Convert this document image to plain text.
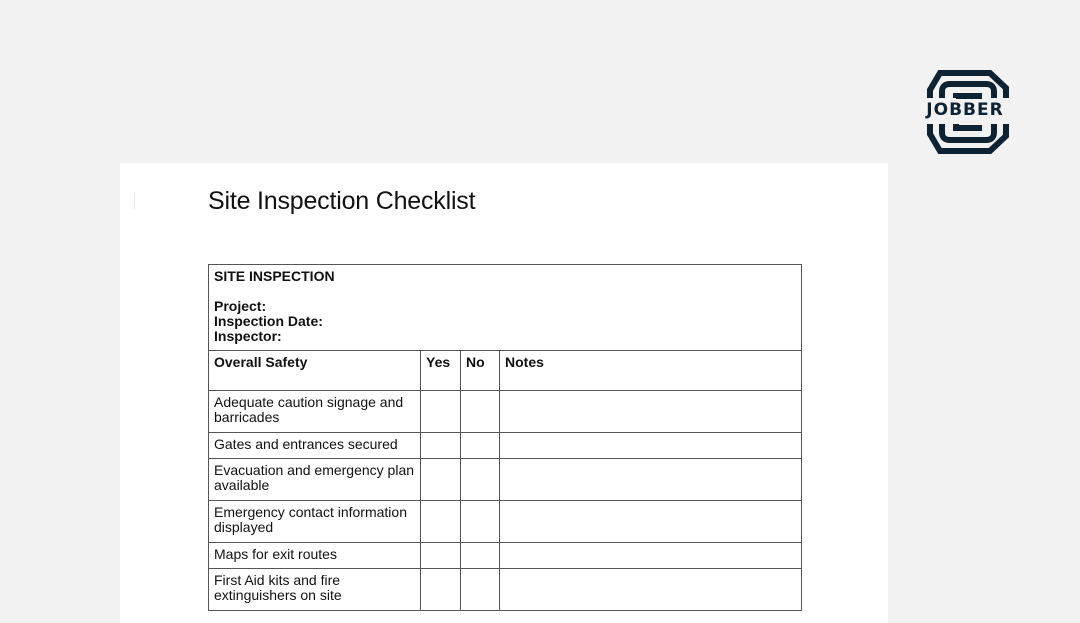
JOBBER
Site Inspection Checklist
SITE INSPECTION
Project:
Inspection Date:
Inspector:			

Overall Safety	Yes	No	Notes
Adequate caution signage and barricades			
Gates and entrances secured			
Evacuation and emergency plan available			
Emergency contact information displayed			
Maps for exit routes			
First Aid kits and fire extinguishers on site			
